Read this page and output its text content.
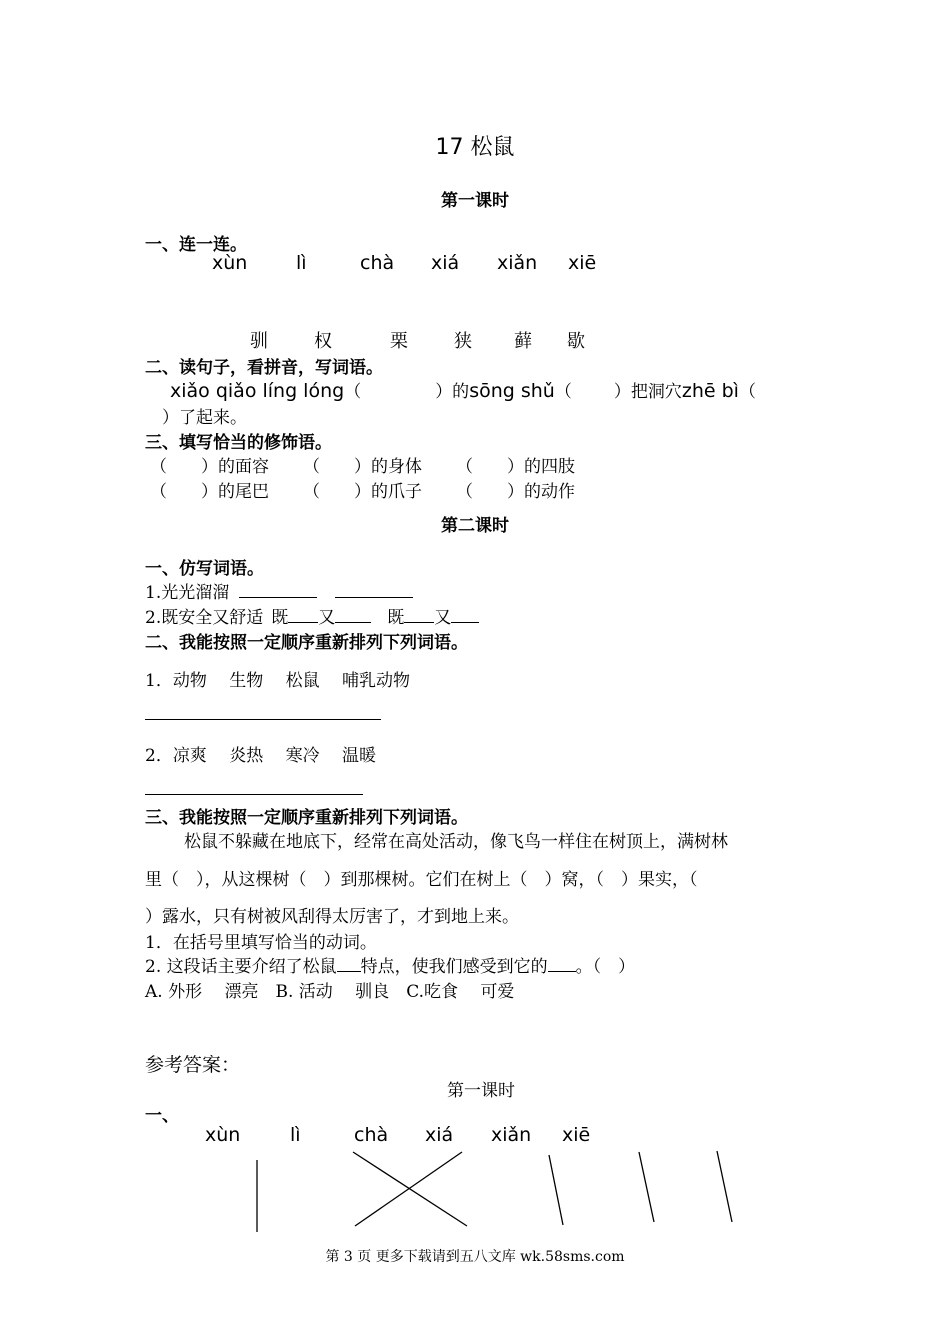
17 松鼠
第一课时
一、连一连。
xùn	lì	chà xiá xiǎn xiē
驯	权	栗	狭 藓 歇
二、读句子，看拼音，写词语。
xiǎo qiǎo líng lóng（	）的sōng shǔ（ ）把洞穴zhē bì（
）了起来。
三、填写恰当的修饰语。
（　　）的面容 （　　）的身体 （　　）的四肢
（　　）的尾巴 （　　）的爪子 （　　）的动作
第二课时
一、仿写词语。
1.光光溜溜
2.既安全又舒适 既 又	既 又
二、我能按照一定顺序重新排列下列词语。
1．动物　 生物　 松鼠　 哺乳动物
2．凉爽　 炎热　 寒冷　 温暖
三、我能按照一定顺序重新排列下列词语。
松鼠不躲藏在地底下，经常在高处活动，像飞鸟一样住在树顶上，满树林
里（　），从这棵树（　）到那棵树。它们在树上（　）窝，（　）果实，（
）露水，只有树被风刮得太厉害了，才到地上来。
1．在括号里填写恰当的动词。
2. 这段话主要介绍了松鼠 特点，使我们感受到它的 。（　）
A. 外形　 漂亮　B. 活动　 驯良　C.吃食　 可爱
参考答案：
第一课时
一、
xùn	lì	chà xiá xiǎn xiē
第 3 页 更多下载请到五八文库 wk.58sms.com
